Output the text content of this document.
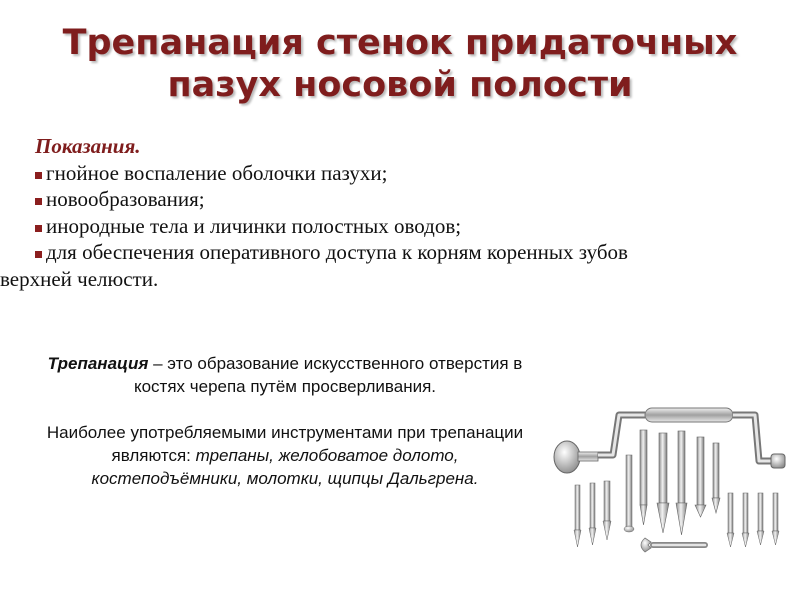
Трепанация стенок придаточных
пазух носовой полости
Показания.
гнойное воспаление оболочки пазухи;
новообразования;
инородные тела и личинки полостных оводов;
для обеспечения оперативного доступа к корням коренных зубов
верхней челюсти.

Трепанация – это образование искусственного отверстия в костях черепа путём просверливания.

Наиболее употребляемыми инструментами при трепанации являются: трепаны, желобоватое долото, костеподъёмники, молотки, щипцы Дальгрена.
